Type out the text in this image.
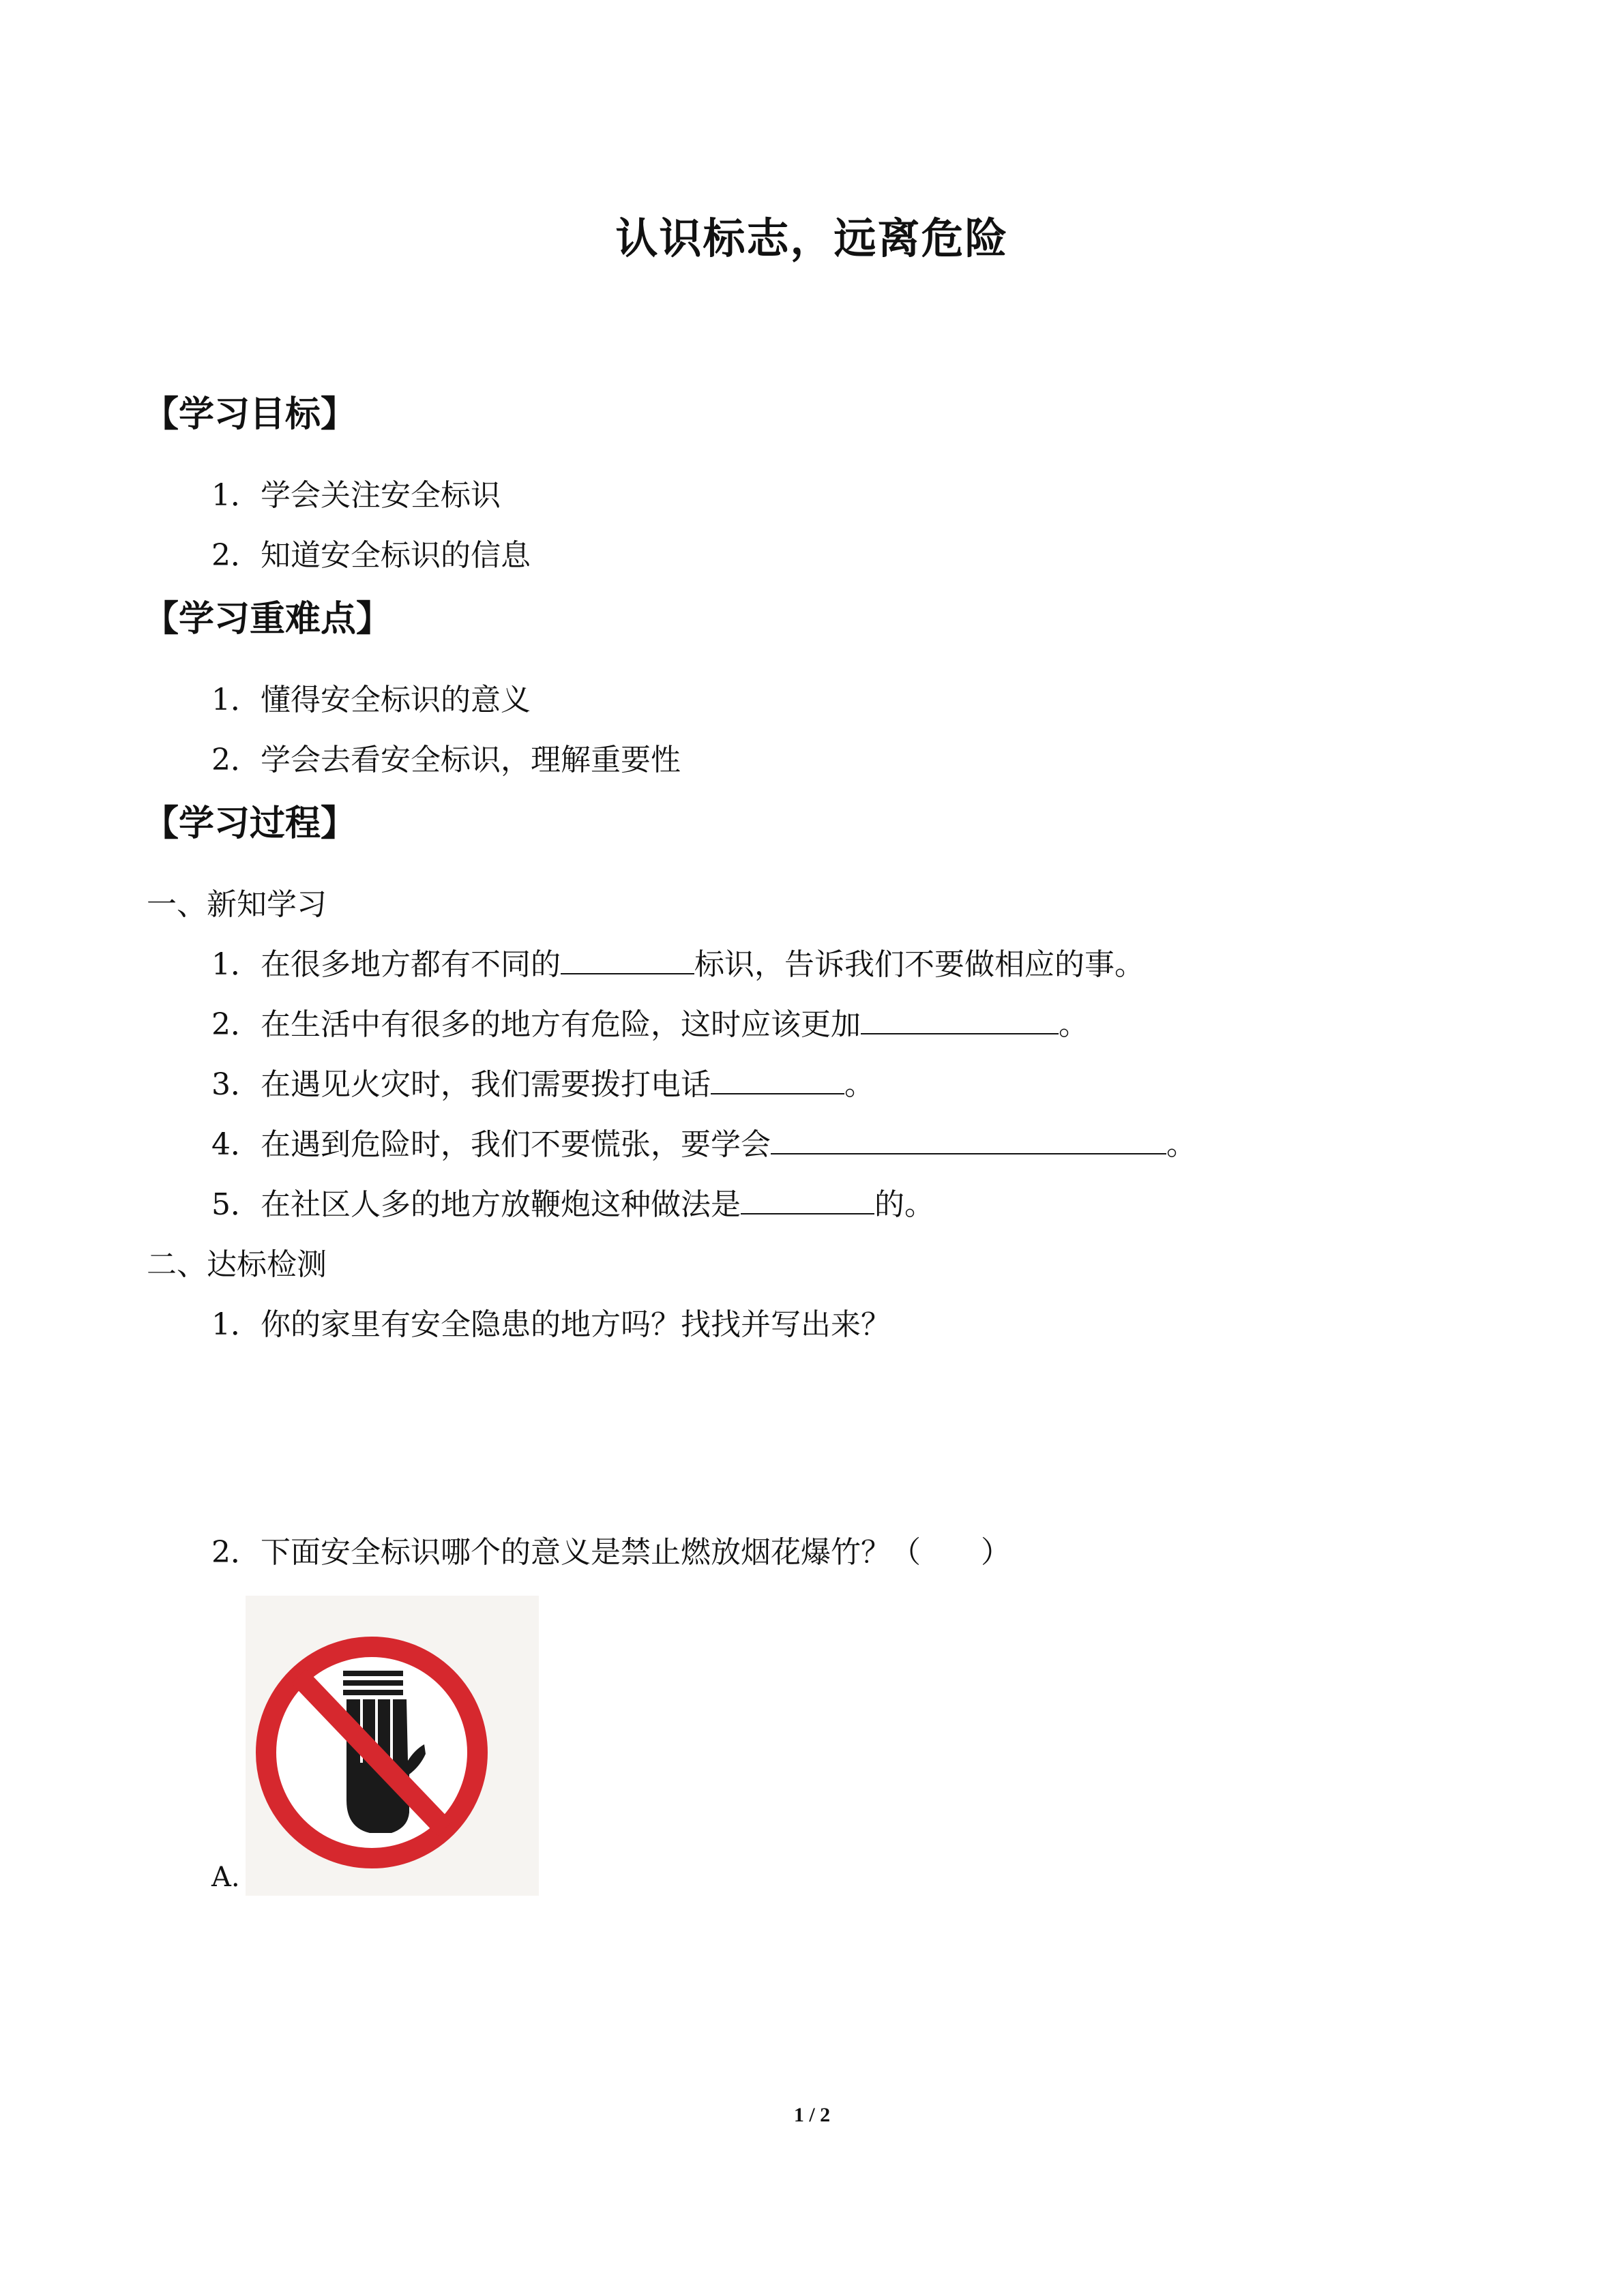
认识标志，远离危险
【学习目标】
1．学会关注安全标识
2．知道安全标识的信息
【学习重难点】
1．懂得安全标识的意义
2．学会去看安全标识，理解重要性
【学习过程】
一、新知学习
1．在很多地方都有不同的	标识，告诉我们不要做相应的事。
2．在生活中有很多的地方有危险，这时应该更加	。
3．在遇见火灾时，我们需要拨打电话	。
4．在遇到危险时，我们不要慌张，要学会	。
5．在社区人多的地方放鞭炮这种做法是	的。
二、达标检测
1．你的家里有安全隐患的地方吗？找找并写出来？
2．下面安全标识哪个的意义是禁止燃放烟花爆竹？（　　）
A.
1 / 2
